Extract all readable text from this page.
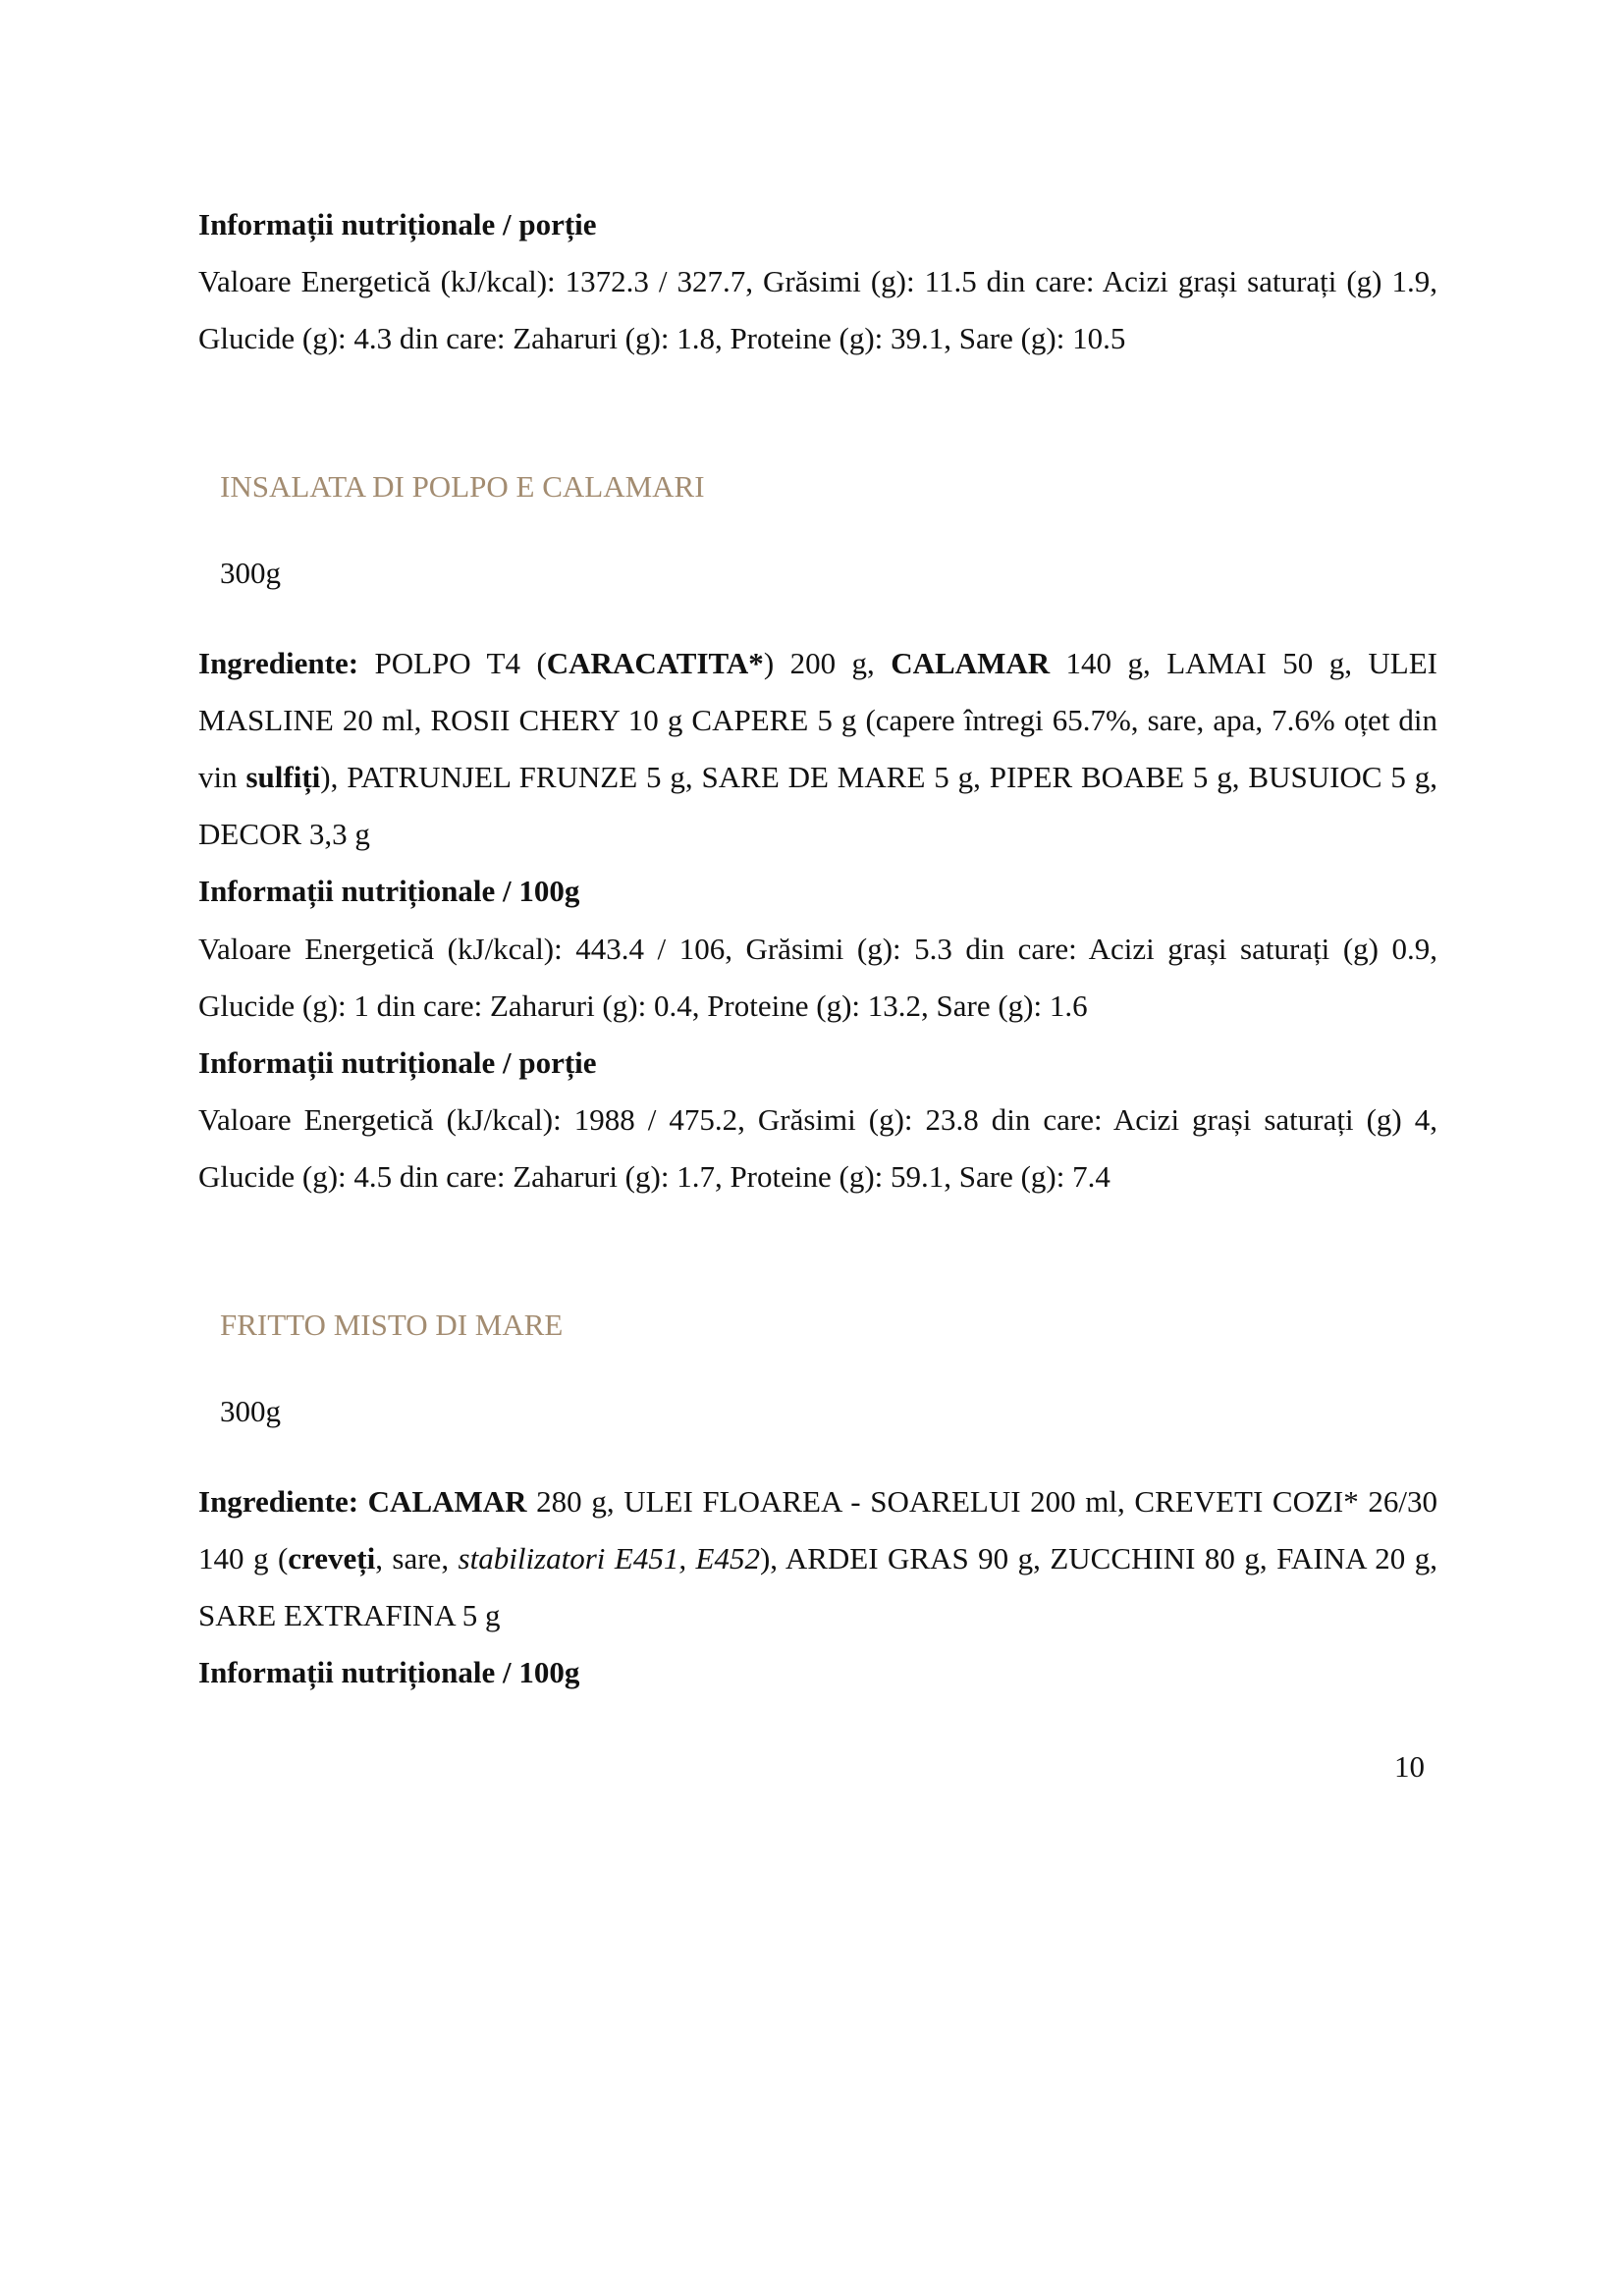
Informații nutriționale / porție

Valoare Energetică (kJ/kcal): 1372.3 / 327.7, Grăsimi (g): 11.5 din care: Acizi grași saturați (g) 1.9, Glucide (g): 4.3 din care: Zaharuri (g): 1.8, Proteine (g): 39.1, Sare (g): 10.5

INSALATA DI POLPO E CALAMARI

300g

Ingrediente: POLPO T4 (CARACATITA*) 200 g, CALAMAR 140 g, LAMAI 50 g, ULEI MASLINE 20 ml, ROSII CHERY 10 g CAPERE 5 g (capere întregi 65.7%, sare, apa, 7.6% oțet din vin sulfiți), PATRUNJEL FRUNZE 5 g, SARE DE MARE 5 g, PIPER BOABE 5 g, BUSUIOC 5 g, DECOR 3,3 g

Informații nutriționale / 100g

Valoare Energetică (kJ/kcal): 443.4 / 106, Grăsimi (g): 5.3 din care: Acizi grași saturați (g) 0.9, Glucide (g): 1 din care: Zaharuri (g): 0.4, Proteine (g): 13.2, Sare (g): 1.6

Informații nutriționale / porție

Valoare Energetică (kJ/kcal): 1988 / 475.2, Grăsimi (g): 23.8 din care: Acizi grași saturați (g) 4, Glucide (g): 4.5 din care: Zaharuri (g): 1.7, Proteine (g): 59.1, Sare (g): 7.4

FRITTO MISTO DI MARE

300g

Ingrediente: CALAMAR 280 g, ULEI FLOAREA - SOARELUI 200 ml, CREVETI COZI* 26/30 140 g (creveți, sare, stabilizatori E451, E452), ARDEI GRAS 90 g, ZUCCHINI 80 g, FAINA 20 g, SARE EXTRAFINA 5 g

Informații nutriționale / 100g

10
